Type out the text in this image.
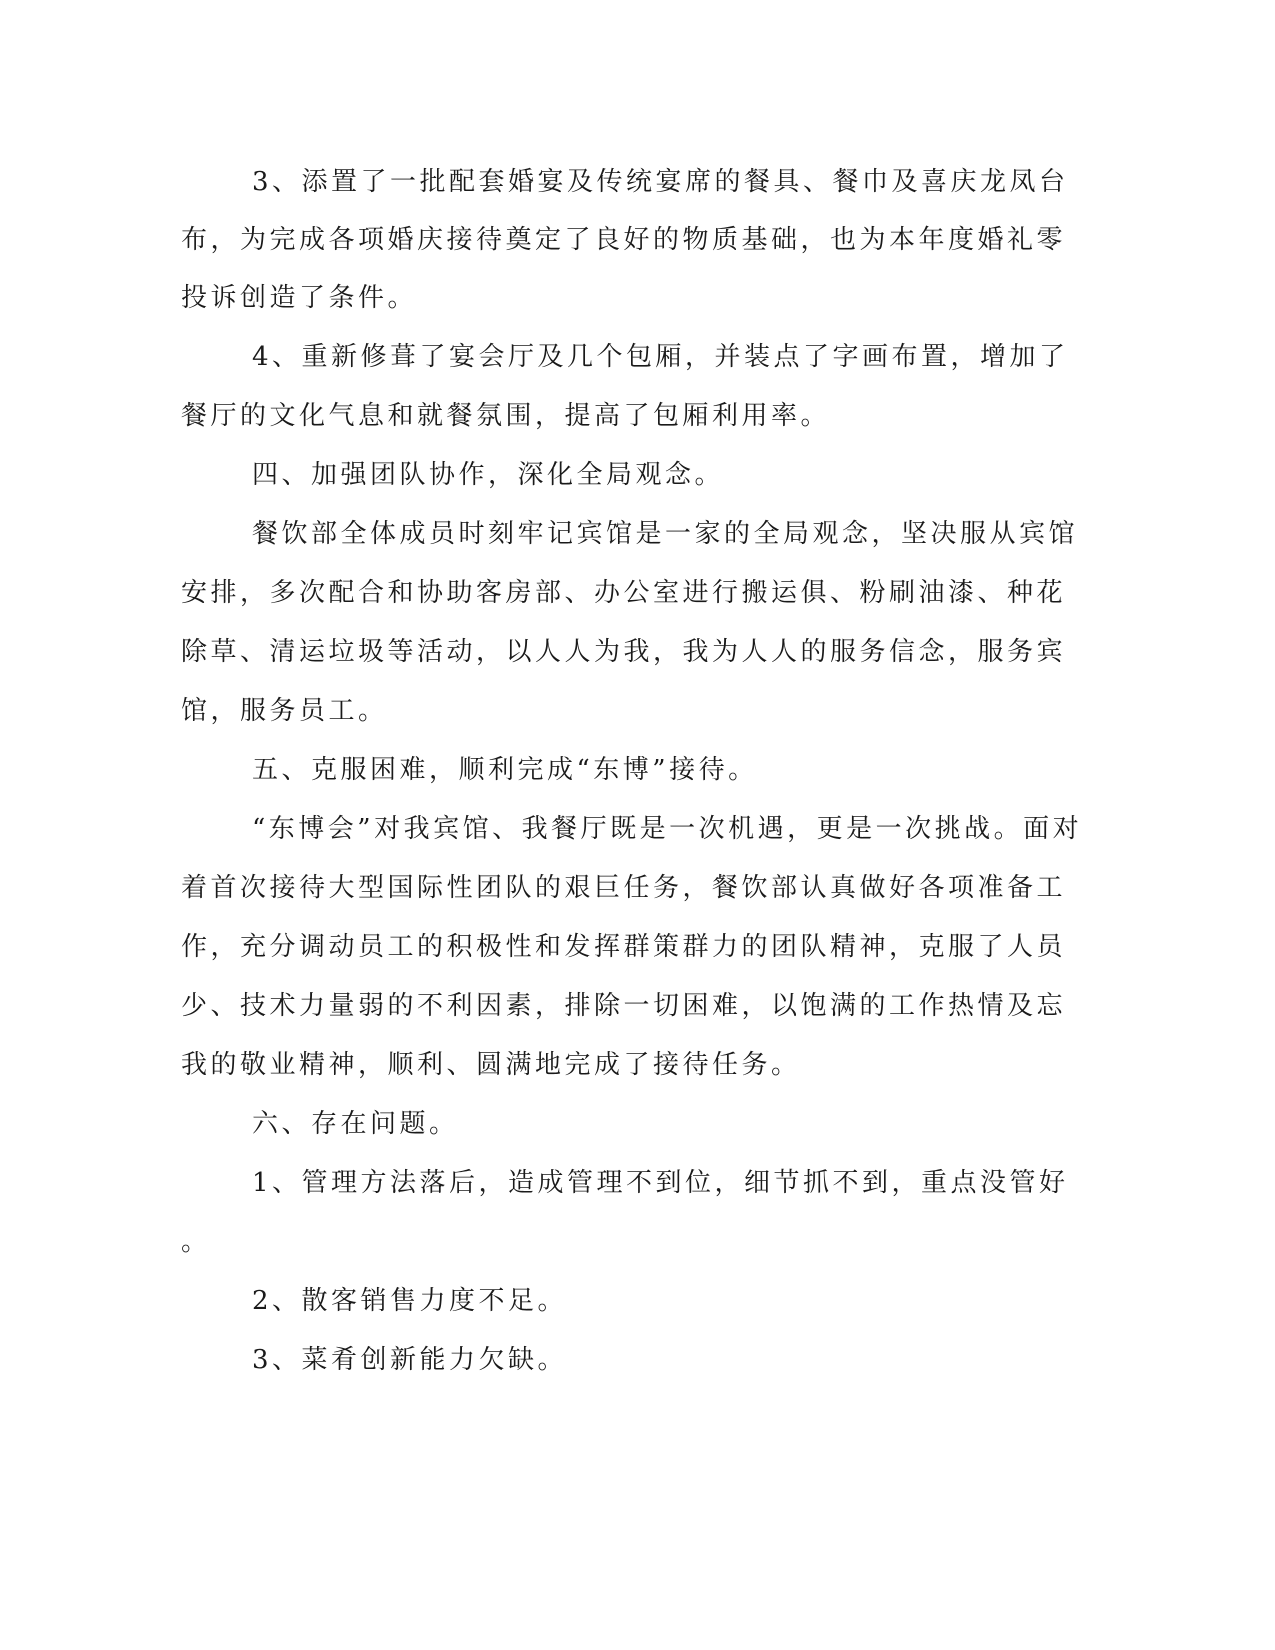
3、添置了一批配套婚宴及传统宴席的餐具、餐巾及喜庆龙凤台
布，为完成各项婚庆接待奠定了良好的物质基础，也为本年度婚礼零
投诉创造了条件。
4、重新修葺了宴会厅及几个包厢，并装点了字画布置，增加了
餐厅的文化气息和就餐氛围，提高了包厢利用率。
四、加强团队协作，深化全局观念。
餐饮部全体成员时刻牢记宾馆是一家的全局观念，坚决服从宾馆
安排，多次配合和协助客房部、办公室进行搬运俱、粉刷油漆、种花
除草、清运垃圾等活动，以人人为我，我为人人的服务信念，服务宾
馆，服务员工。
五、克服困难，顺利完成“东博”接待。
“东博会”对我宾馆、我餐厅既是一次机遇，更是一次挑战。面对
着首次接待大型国际性团队的艰巨任务，餐饮部认真做好各项准备工
作，充分调动员工的积极性和发挥群策群力的团队精神，克服了人员
少、技术力量弱的不利因素，排除一切困难，以饱满的工作热情及忘
我的敬业精神，顺利、圆满地完成了接待任务。
六、存在问题。
1、管理方法落后，造成管理不到位，细节抓不到，重点没管好
。
2、散客销售力度不足。
3、菜肴创新能力欠缺。
